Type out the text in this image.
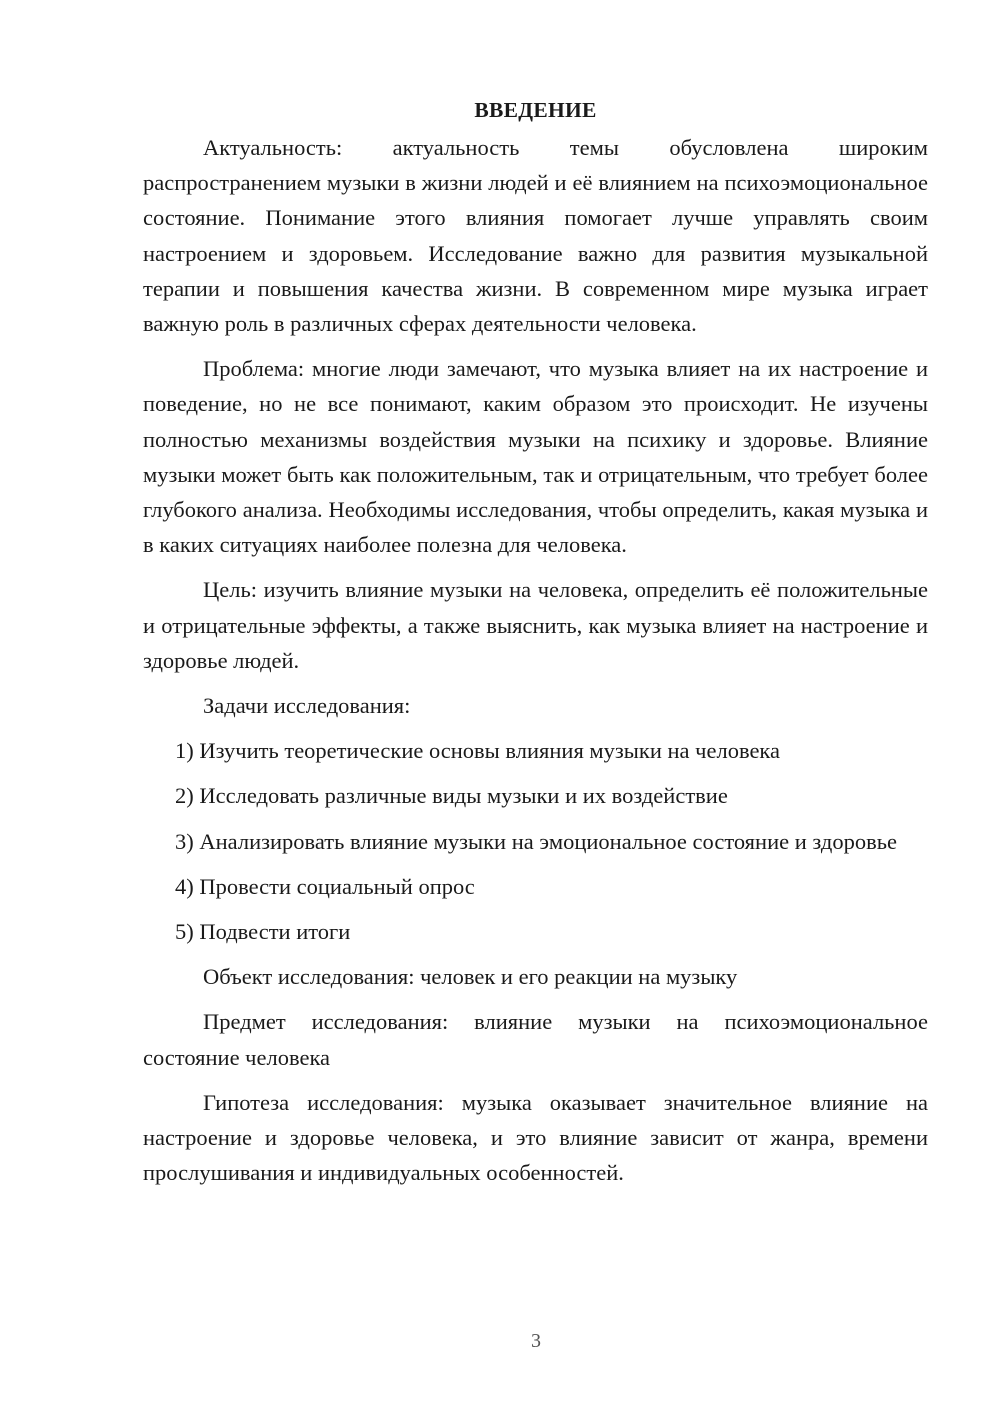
ВВЕДЕНИЕ

Актуальность: актуальность темы обусловлена широким распространением музыки в жизни людей и её влиянием на психоэмоциональное состояние. Понимание этого влияния помогает лучше управлять своим настроением и здоровьем. Исследование важно для развития музыкальной терапии и повышения качества жизни. В современном мире музыка играет важную роль в различных сферах деятельности человека.

Проблема: многие люди замечают, что музыка влияет на их настроение и поведение, но не все понимают, каким образом это происходит. Не изучены полностью механизмы воздействия музыки на психику и здоровье. Влияние музыки может быть как положительным, так и отрицательным, что требует более глубокого анализа. Необходимы исследования, чтобы определить, какая музыка и в каких ситуациях наиболее полезна для человека.

Цель: изучить влияние музыки на человека, определить её положительные и отрицательные эффекты, а также выяснить, как музыка влияет на настроение и здоровье людей.

Задачи исследования:

1) Изучить теоретические основы влияния музыки на человека

2) Исследовать различные виды музыки и их воздействие

3) Анализировать влияние музыки на эмоциональное состояние и здоровье

4) Провести социальный опрос

5) Подвести итоги

Объект исследования: человек и его реакции на музыку

Предмет исследования: влияние музыки на психоэмоциональное состояние человека

Гипотеза исследования: музыка оказывает значительное влияние на настроение и здоровье человека, и это влияние зависит от жанра, времени прослушивания и индивидуальных особенностей.

3
